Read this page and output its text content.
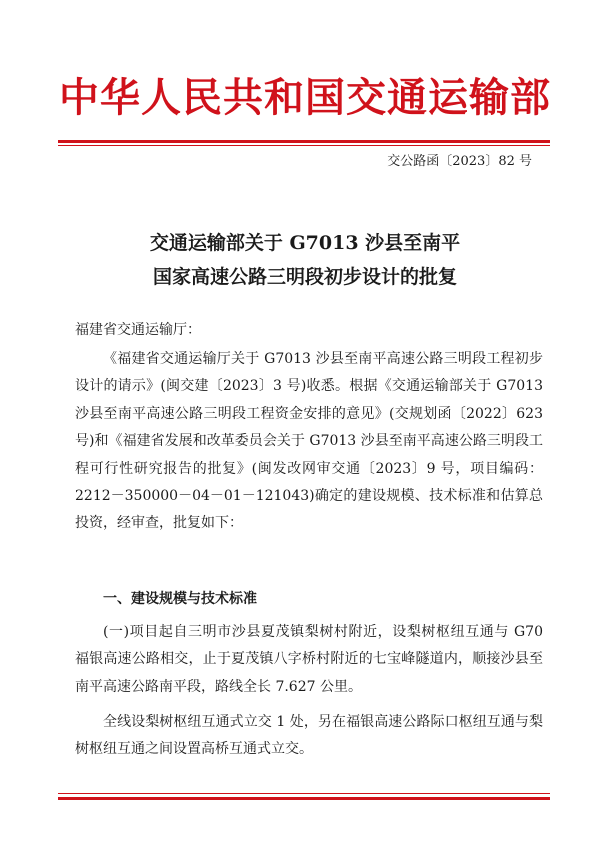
中华人民共和国交通运输部
交公路函〔2023〕82 号
交通运输部关于 G7013 沙县至南平
国家高速公路三明段初步设计的批复
福建省交通运输厅：

《福建省交通运输厅关于 G7013 沙县至南平高速公路三明段工程初步设计的请示》(闽交建〔2023〕3 号)收悉。根据《交通运输部关于 G7013 沙县至南平高速公路三明段工程资金安排的意见》(交规划函〔2022〕623 号)和《福建省发展和改革委员会关于 G7013 沙县至南平高速公路三明段工程可行性研究报告的批复》(闽发改网审交通〔2023〕9 号，项目编码：2212－350000－04－01－121043)确定的建设规模、技术标准和估算总投资，经审查，批复如下：

一、建设规模与技术标准

(一)项目起自三明市沙县夏茂镇梨树村附近，设梨树枢纽互通与 G70 福银高速公路相交，止于夏茂镇八字桥村附近的七宝峰隧道内，顺接沙县至南平高速公路南平段，路线全长 7.627 公里。

全线设梨树枢纽互通式立交 1 处，另在福银高速公路际口枢纽互通与梨树枢纽互通之间设置高桥互通式立交。
